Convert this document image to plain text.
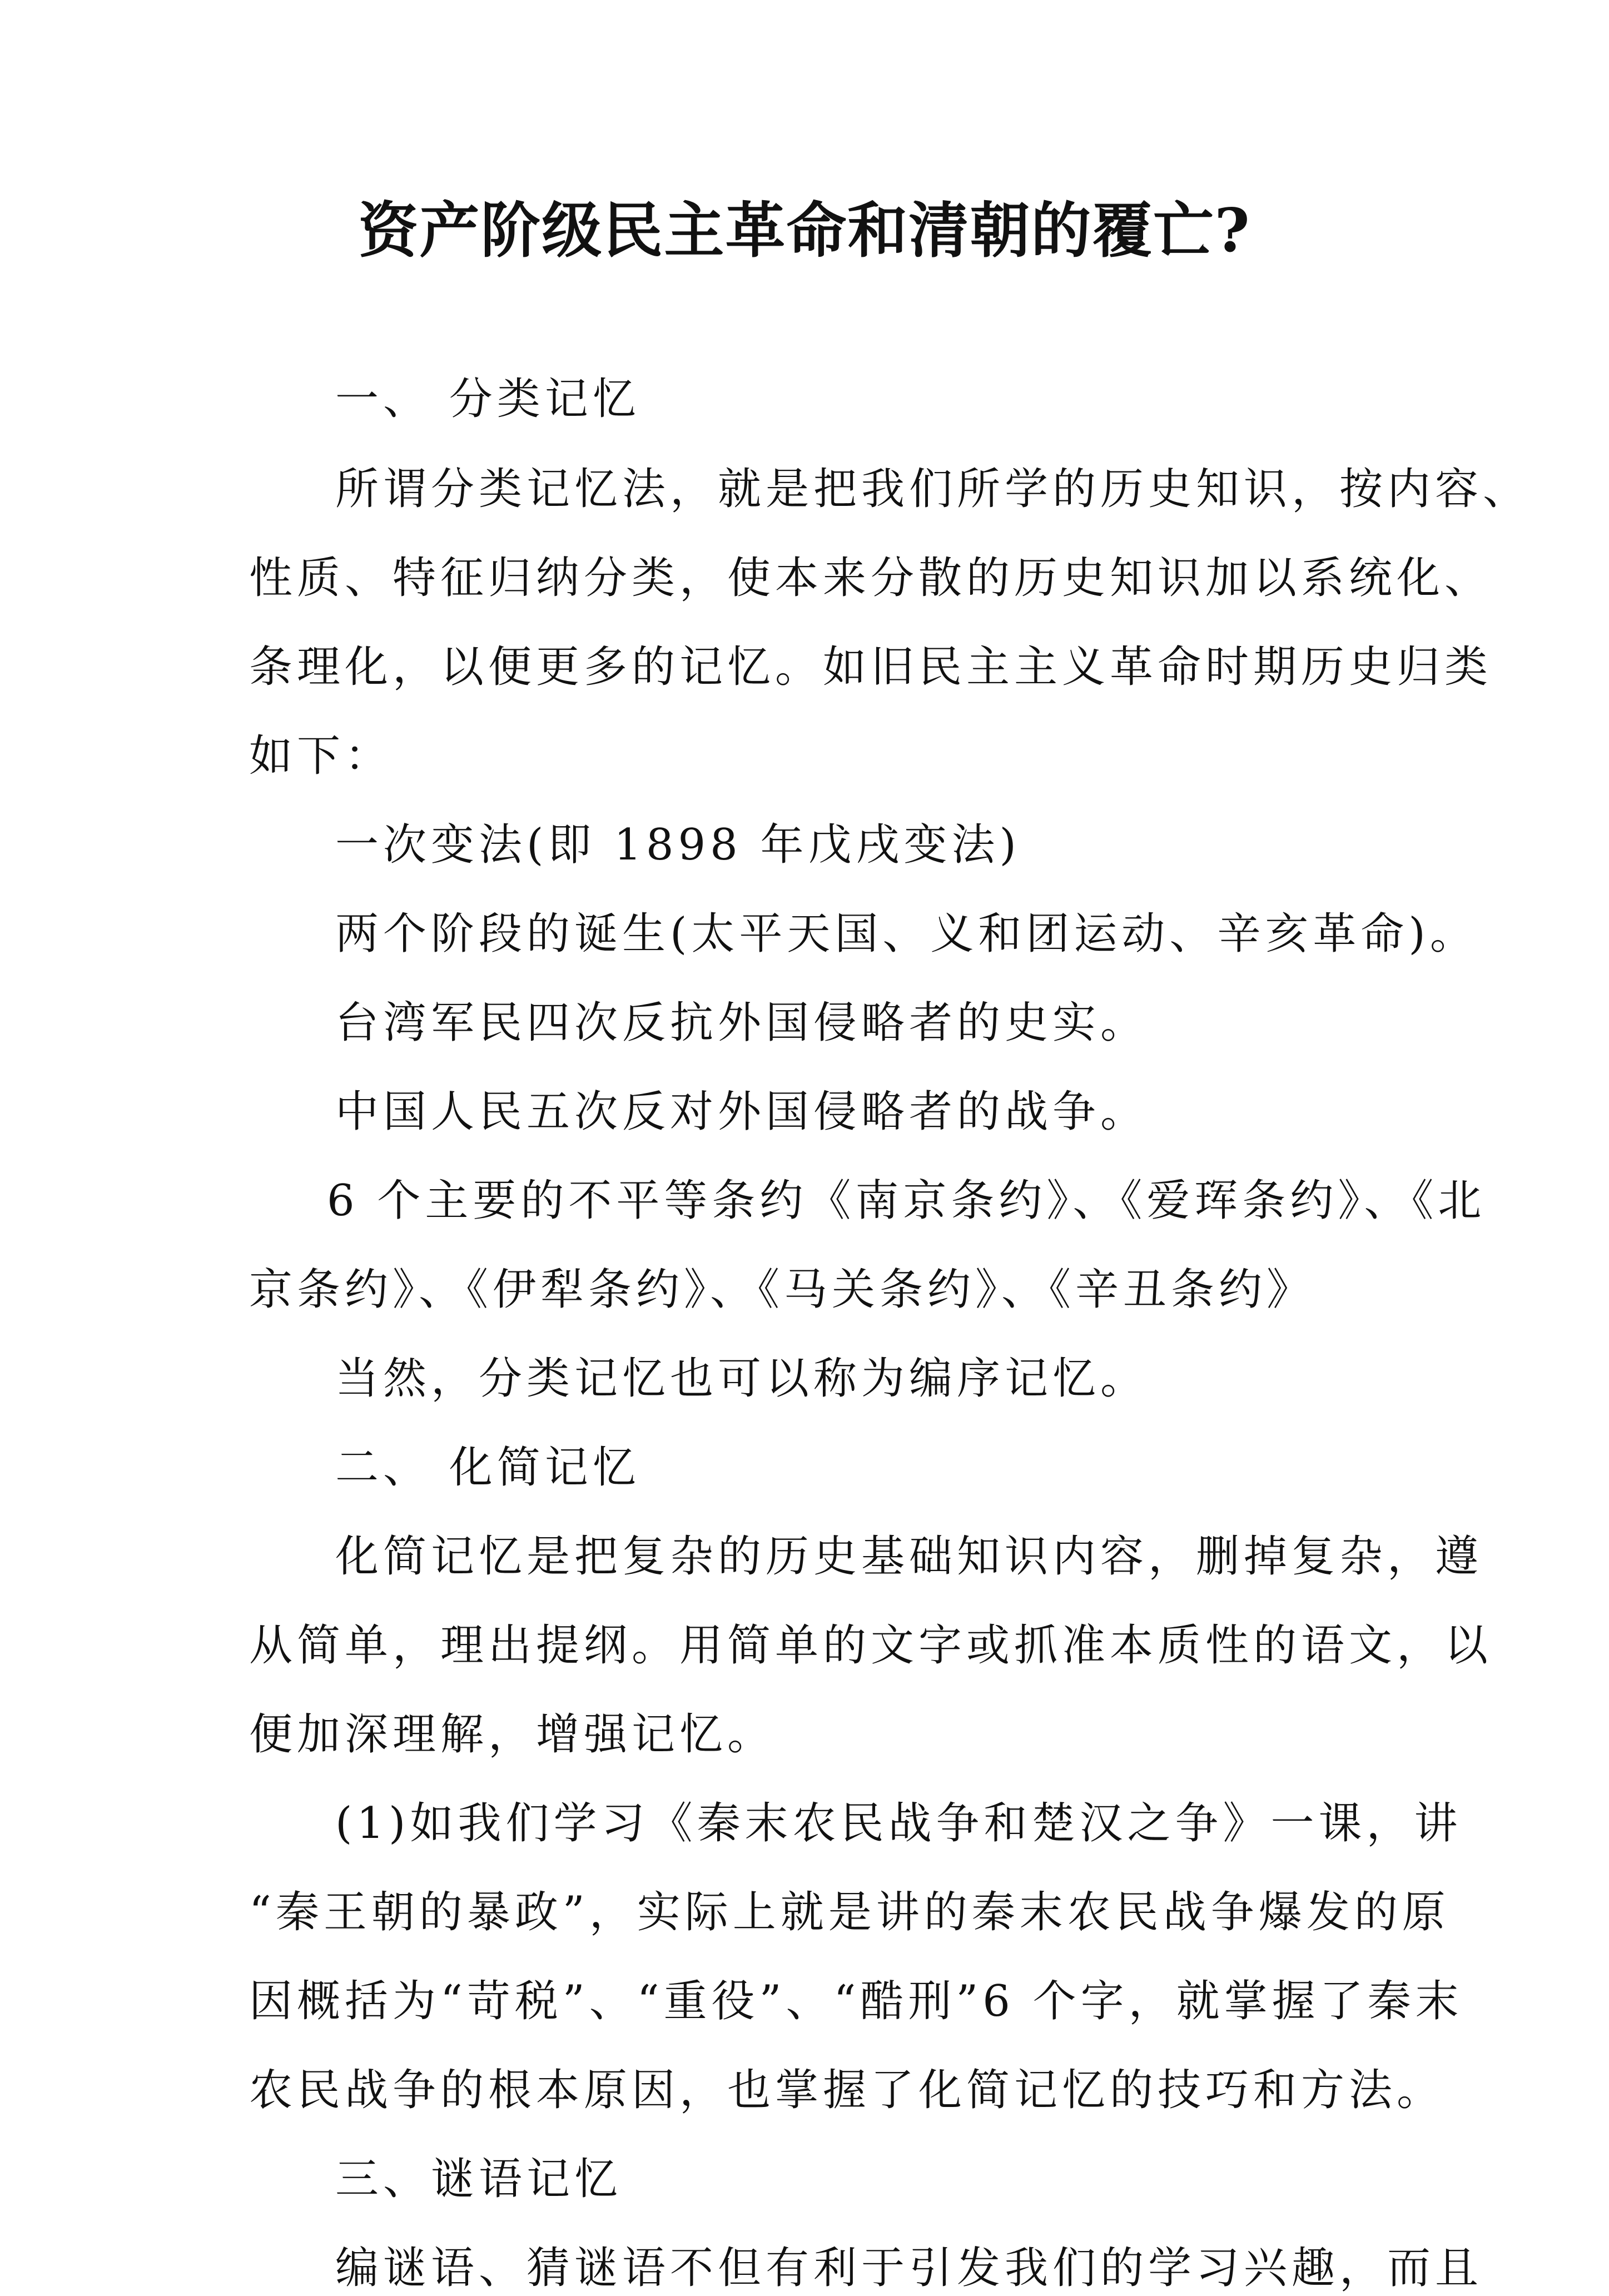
资产阶级民主革命和清朝的覆亡?

一、 分类记忆

所谓分类记忆法，就是把我们所学的历史知识，按内容、

性质、特征归纳分类，使本来分散的历史知识加以系统化、

条理化，以便更多的记忆。如旧民主主义革命时期历史归类

如下：

一次变法(即 1898 年戊戌变法)

两个阶段的诞生(太平天国、义和团运动、辛亥革命)。

台湾军民四次反抗外国侵略者的史实。

中国人民五次反对外国侵略者的战争。

6 个主要的不平等条约《南京条约》、《爱珲条约》、《北

京条约》、《伊犁条约》、《马关条约》、《辛丑条约》

当然，分类记忆也可以称为编序记忆。

二、 化简记忆

化简记忆是把复杂的历史基础知识内容，删掉复杂，遵

从简单，理出提纲。用简单的文字或抓准本质性的语文，以

便加深理解，增强记忆。

(1)如我们学习《秦末农民战争和楚汉之争》一课，讲

“秦王朝的暴政”，实际上就是讲的秦末农民战争爆发的原

因概括为“苛税”、“重役”、“酷刑”6 个字，就掌握了秦末

农民战争的根本原因，也掌握了化简记忆的技巧和方法。

三、谜语记忆

编谜语、猜谜语不但有利于引发我们的学习兴趣，而且
